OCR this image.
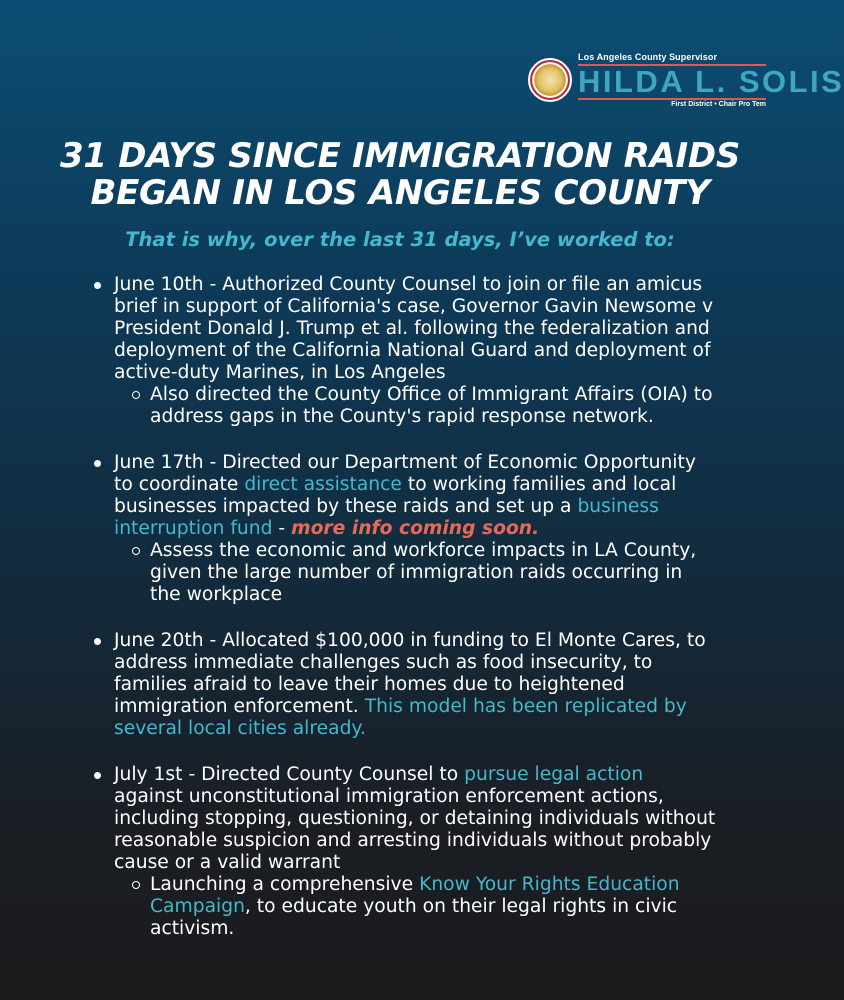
Los Angeles County Supervisor
HILDA L. SOLIS
First District • Chair Pro Tem
31 DAYS SINCE IMMIGRATION RAIDS
BEGAN IN LOS ANGELES COUNTY
That is why, over the last 31 days, I’ve worked to:
June 10th - Authorized County Counsel to join or file an amicus brief in support of California's case, Governor Gavin Newsome v President Donald J. Trump et al. following the federalization and deployment of the California National Guard and deployment of active-duty Marines, in Los Angeles
Also directed the County Office of Immigrant Affairs (OIA) to address gaps in the County's rapid response network.
June 17th - Directed our Department of Economic Opportunity to coordinate direct assistance to working families and local businesses impacted by these raids and set up a business interruption fund - more info coming soon.
Assess the economic and workforce impacts in LA County, given the large number of immigration raids occurring in the workplace
June 20th - Allocated $100,000 in funding to El Monte Cares, to address immediate challenges such as food insecurity, to families afraid to leave their homes due to heightened immigration enforcement. This model has been replicated by several local cities already.
July 1st - Directed County Counsel to pursue legal action against unconstitutional immigration enforcement actions, including stopping, questioning, or detaining individuals without reasonable suspicion and arresting individuals without probably cause or a valid warrant
Launching a comprehensive Know Your Rights Education Campaign, to educate youth on their legal rights in civic activism.
